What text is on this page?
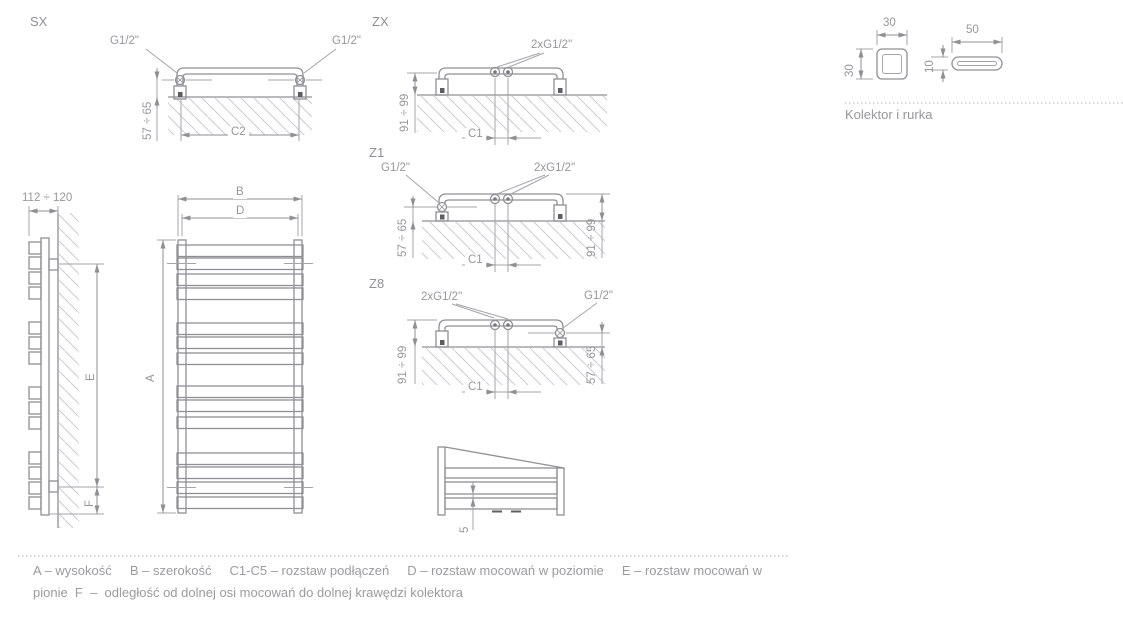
SX	ZX
Z1
Z8
G1/2"	G1/2"	2xG1/2"
G1/2"	2xG1/2"
2xG1/2"	G1/2"
C2	C1
C1
C1
57 ÷ 65	91 ÷ 99
57 ÷ 65	91 ÷ 99
91 ÷ 99	57 ÷ 65
112 ÷ 120
E
F
B
D
A
5
30
30
50
10
Kolektor i rurka
A – wysokość     B – szerokość     C1-C5 – rozstaw podłączeń     D – rozstaw mocowań w poziomie     E – rozstaw mocowań w
pionie  F  –  odległość od dolnej osi mocowań do dolnej krawędzi kolektora
